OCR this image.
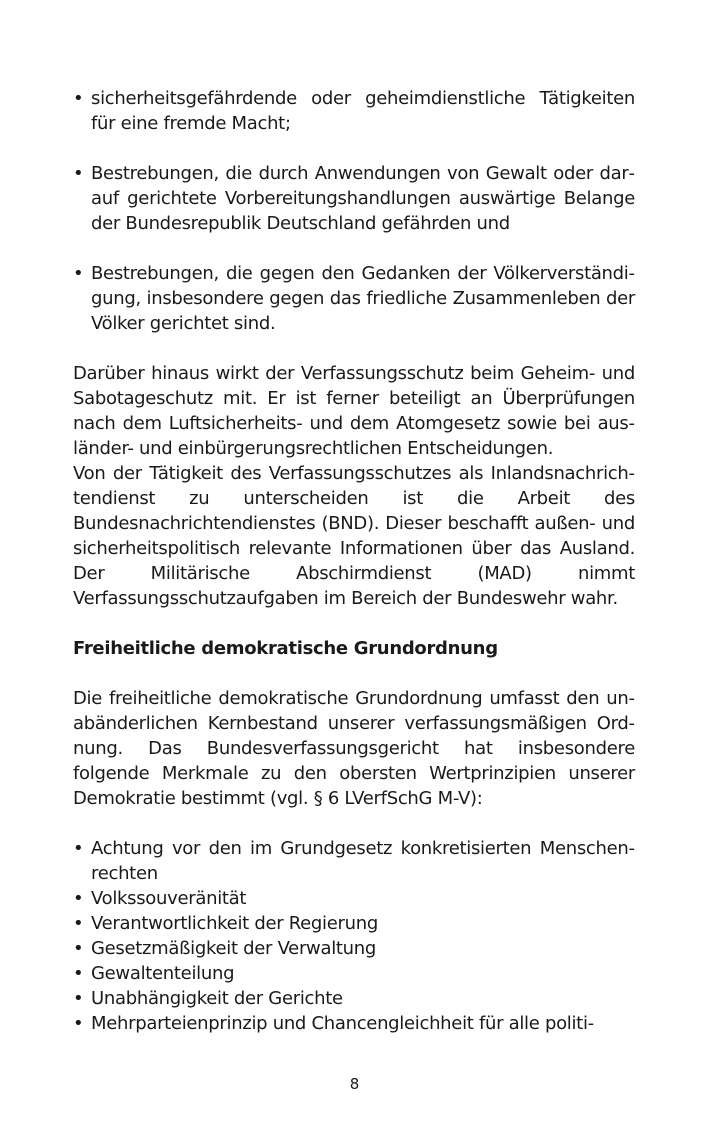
• sicherheitsgefährdende oder geheimdienstliche Tätigkeiten für eine fremde Macht;
• Bestrebungen, die durch Anwendungen von Gewalt oder darauf gerichtete Vorbereitungshandlungen auswärtige Belange der Bundesrepublik Deutschland gefährden und
• Bestrebungen, die gegen den Gedanken der Völkerverständigung, insbesondere gegen das friedliche Zusammenleben der Völker gerichtet sind.

Darüber hinaus wirkt der Verfassungsschutz beim Geheim- und Sabotageschutz mit. Er ist ferner beteiligt an Überprüfungen nach dem Luftsicherheits- und dem Atomgesetz sowie bei ausländer- und einbürgerungsrechtlichen Entscheidungen.

Von der Tätigkeit des Verfassungsschutzes als Inlandsnachrichtendienst zu unterscheiden ist die Arbeit des Bundesnachrichtendienstes (BND). Dieser beschafft außen- und sicherheitspolitisch relevante Informationen über das Ausland. Der Militärische Abschirmdienst (MAD) nimmt Verfassungsschutzaufgaben im Bereich der Bundeswehr wahr.

Freiheitliche demokratische Grundordnung

Die freiheitliche demokratische Grundordnung umfasst den unabänderlichen Kernbestand unserer verfassungsmäßigen Ordnung. Das Bundesverfassungsgericht hat insbesondere folgende Merkmale zu den obersten Wertprinzipien unserer Demokratie bestimmt (vgl. § 6 LVerfSchG M-V):

• Achtung vor den im Grundgesetz konkretisierten Menschenrechten
• Volkssouveränität
• Verantwortlichkeit der Regierung
• Gesetzmäßigkeit der Verwaltung
• Gewaltenteilung
• Unabhängigkeit der Gerichte
• Mehrparteienprinzip und Chancengleichheit für alle politi-
8
